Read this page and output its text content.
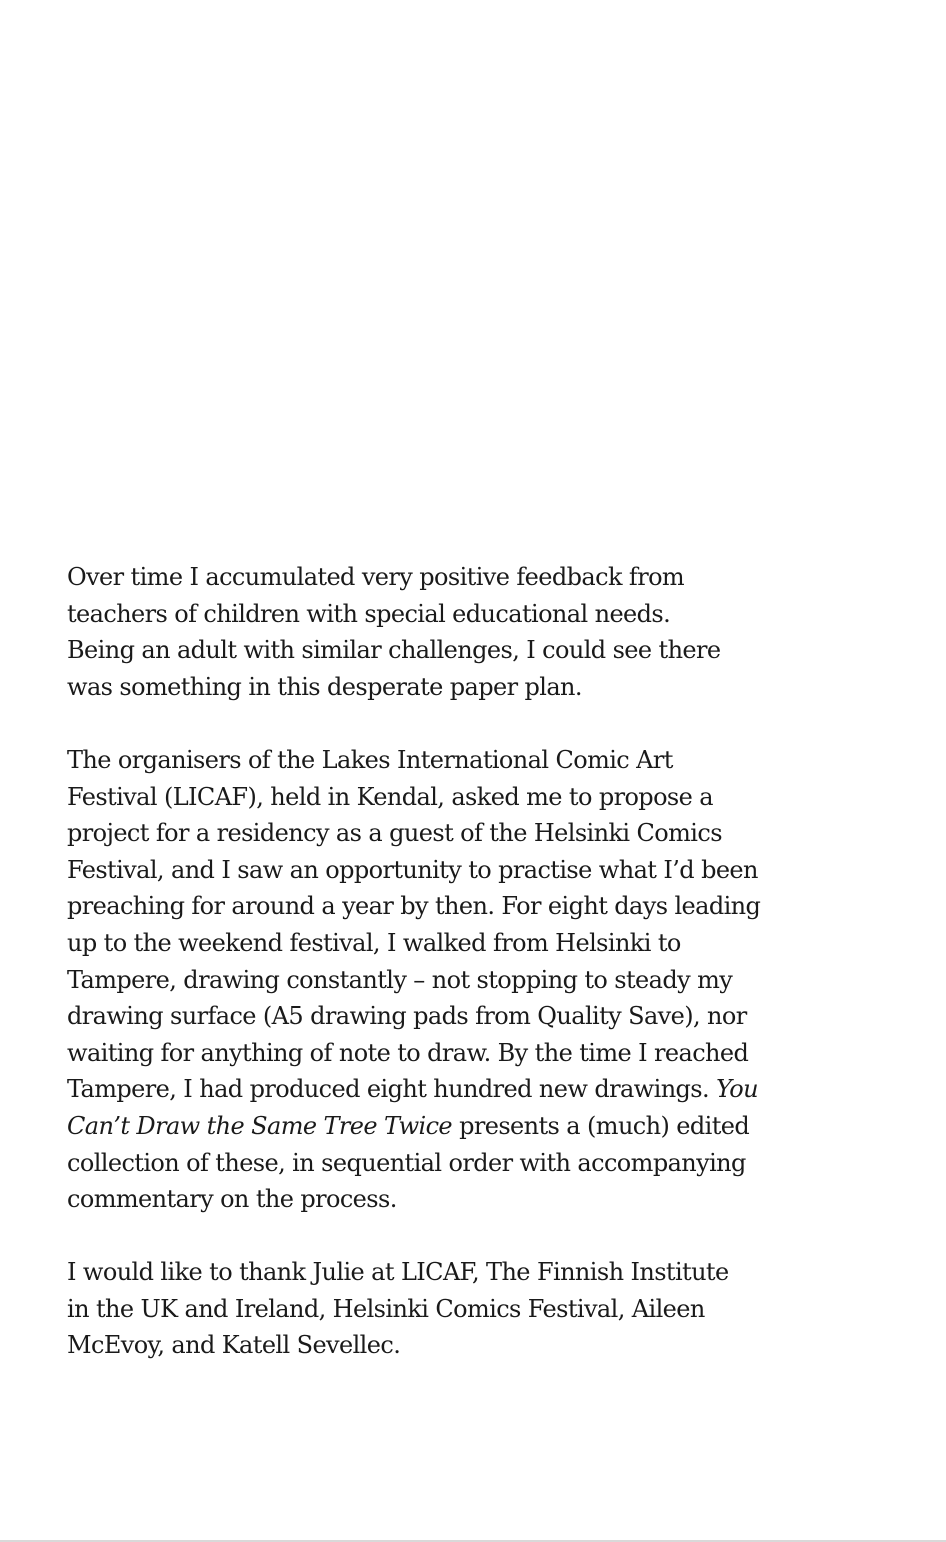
Over time I accumulated very positive feedback from
teachers of children with special educational needs.
Being an adult with similar challenges, I could see there
was something in this desperate paper plan.

The organisers of the Lakes International Comic Art
Festival (LICAF), held in Kendal, asked me to propose a
project for a residency as a guest of the Helsinki Comics
Festival, and I saw an opportunity to practise what I’d been
preaching for around a year by then. For eight days leading
up to the weekend festival, I walked from Helsinki to
Tampere, drawing constantly – not stopping to steady my
drawing surface (A5 drawing pads from Quality Save), nor
waiting for anything of note to draw. By the time I reached
Tampere, I had produced eight hundred new drawings. You
Can’t Draw the Same Tree Twice presents a (much) edited
collection of these, in sequential order with accompanying
commentary on the process.

I would like to thank Julie at LICAF, The Finnish Institute
in the UK and Ireland, Helsinki Comics Festival, Aileen
McEvoy, and Katell Sevellec.
